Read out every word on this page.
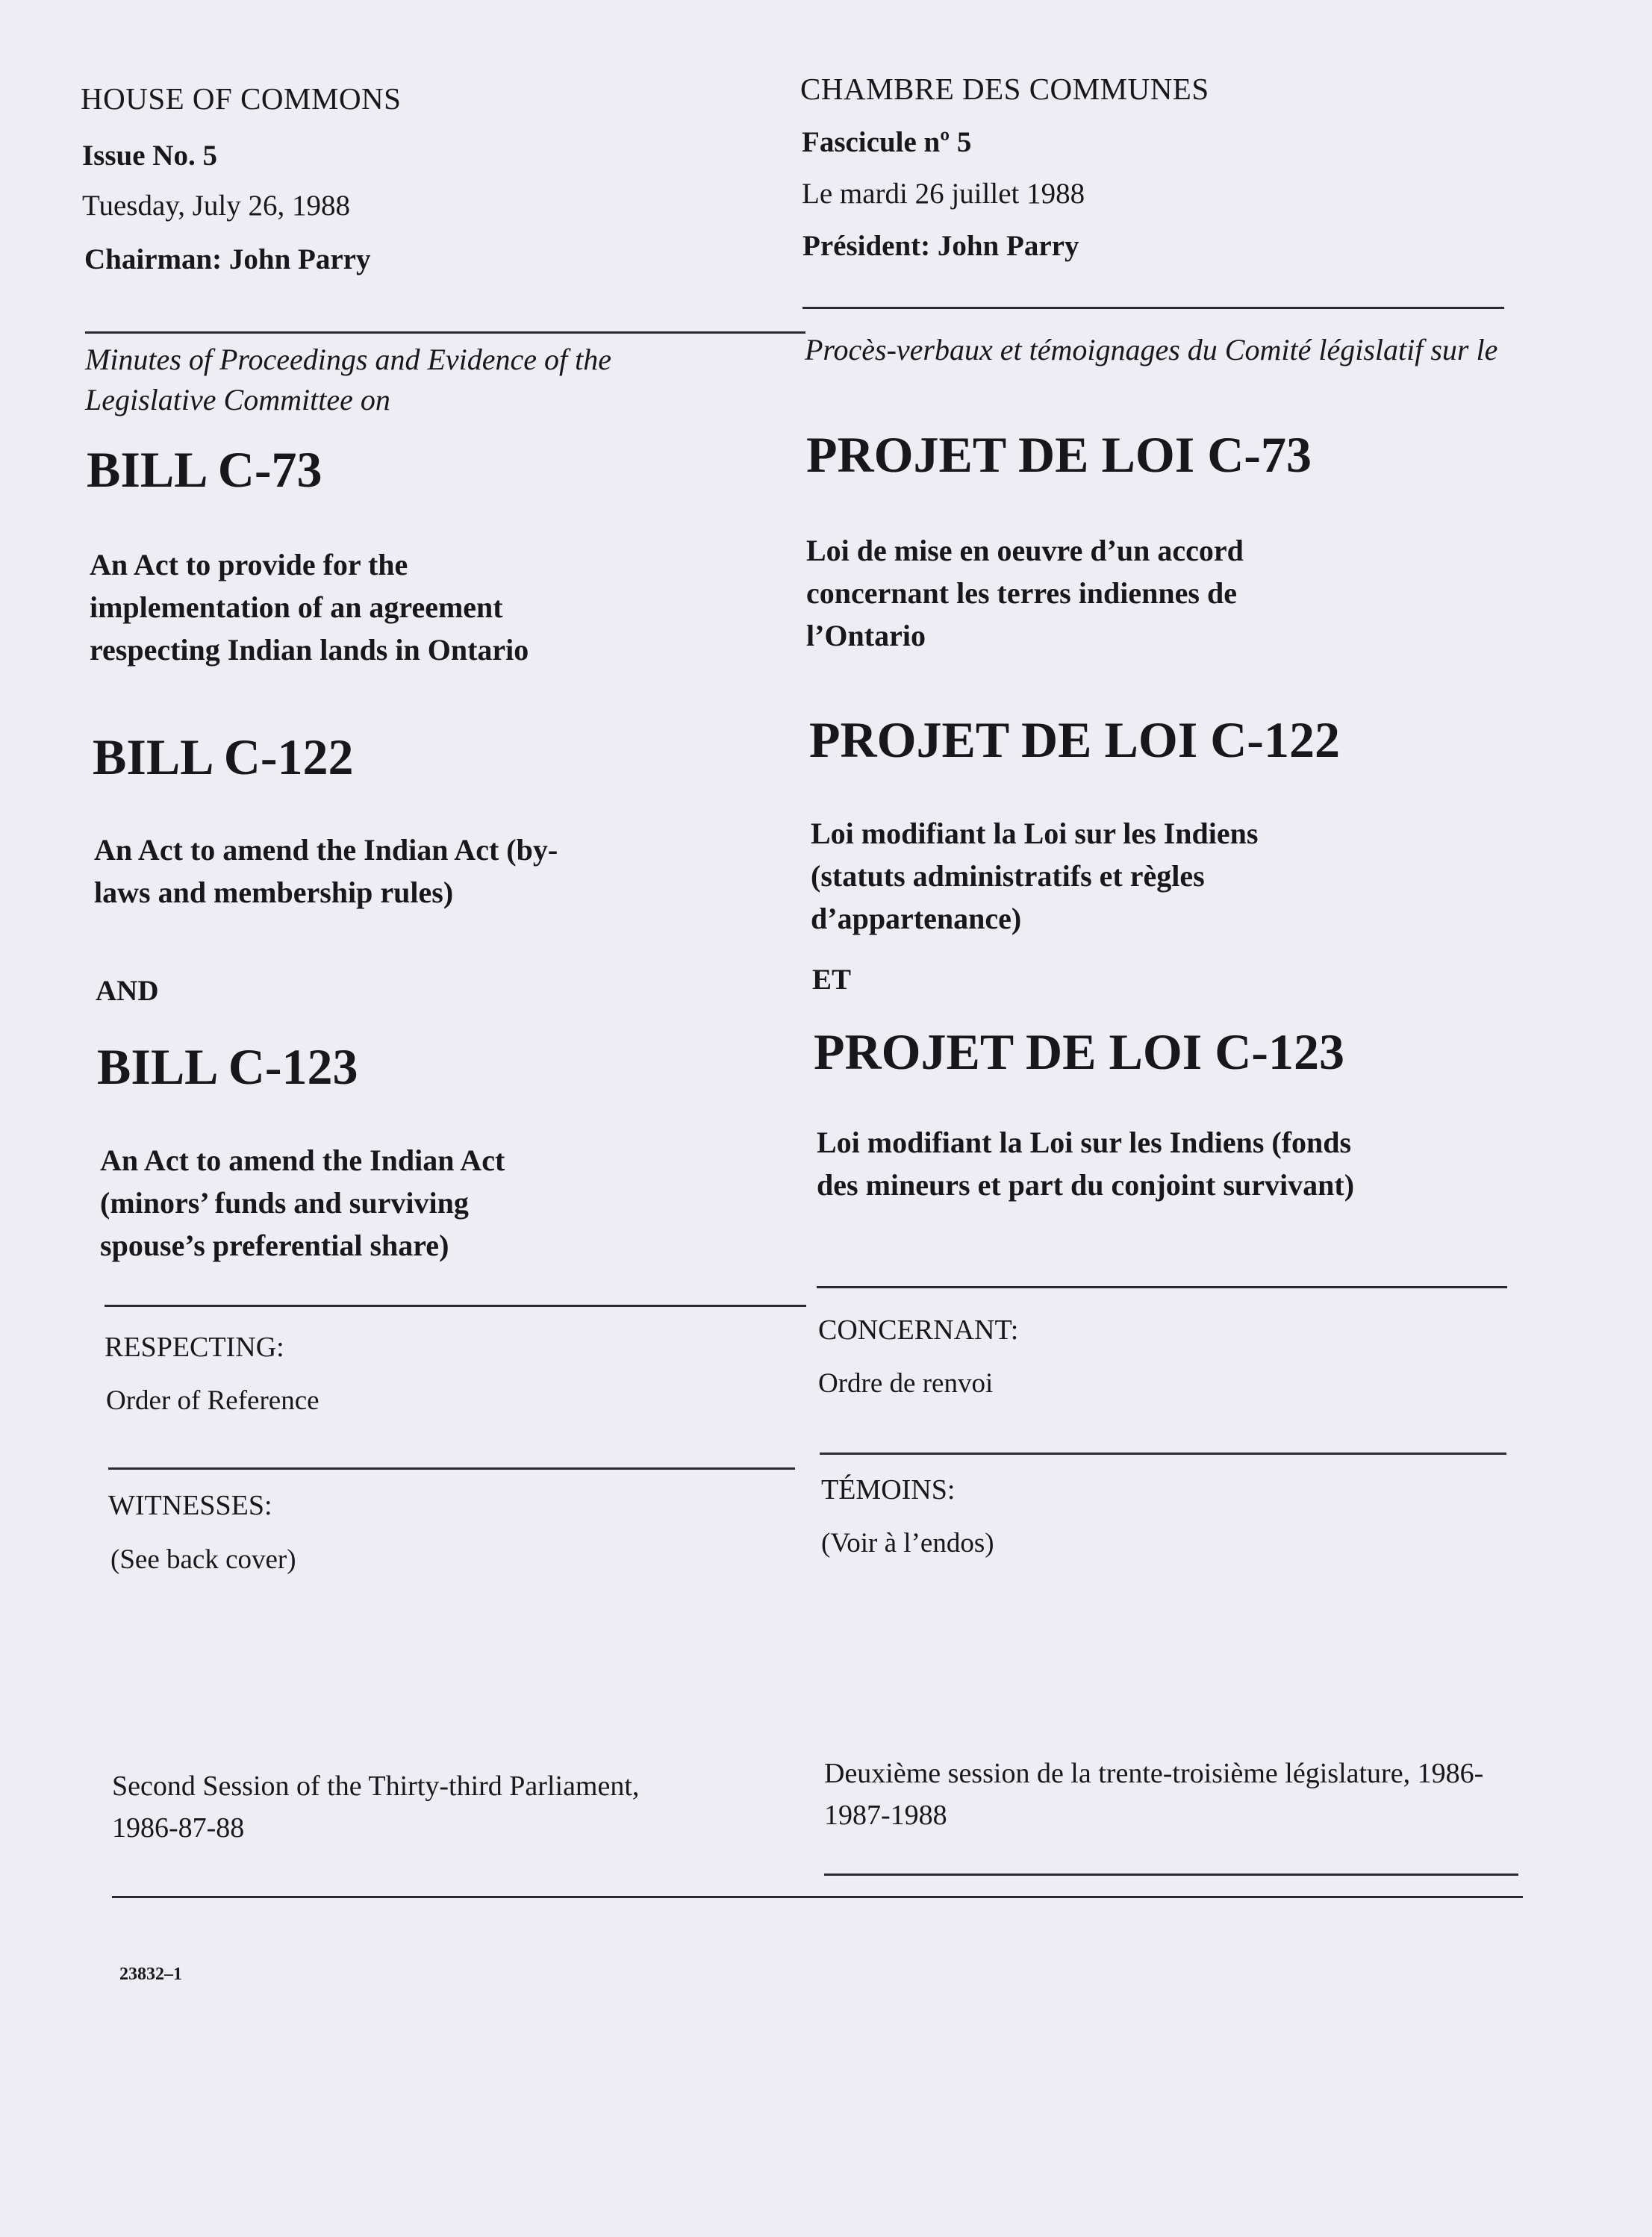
HOUSE OF COMMONS
Issue No. 5
Tuesday, July 26, 1988
Chairman: John Parry
Minutes of Proceedings and Evidence of the Legislative Committee on
BILL C-73
An Act to provide for the implementation of an agreement respecting Indian lands in Ontario
BILL C-122
An Act to amend the Indian Act (by-laws and membership rules)
AND
BILL C-123
An Act to amend the Indian Act (minors’ funds and surviving spouse’s preferential share)
RESPECTING:
Order of Reference
WITNESSES:
(See back cover)
Second Session of the Thirty-third Parliament, 1986-87-88
23832–1
CHAMBRE DES COMMUNES
Fascicule nº 5
Le mardi 26 juillet 1988
Président: John Parry
Procès-verbaux et témoignages du Comité législatif sur le
PROJET DE LOI C-73
Loi de mise en oeuvre d’un accord concernant les terres indiennes de l’Ontario
PROJET DE LOI C-122
Loi modifiant la Loi sur les Indiens (statuts administratifs et règles d’appartenance)
ET
PROJET DE LOI C-123
Loi modifiant la Loi sur les Indiens (fonds des mineurs et part du conjoint survivant)
CONCERNANT:
Ordre de renvoi
TÉMOINS:
(Voir à l’endos)
Deuxième session de la trente-troisième législature, 1986-1987-1988
